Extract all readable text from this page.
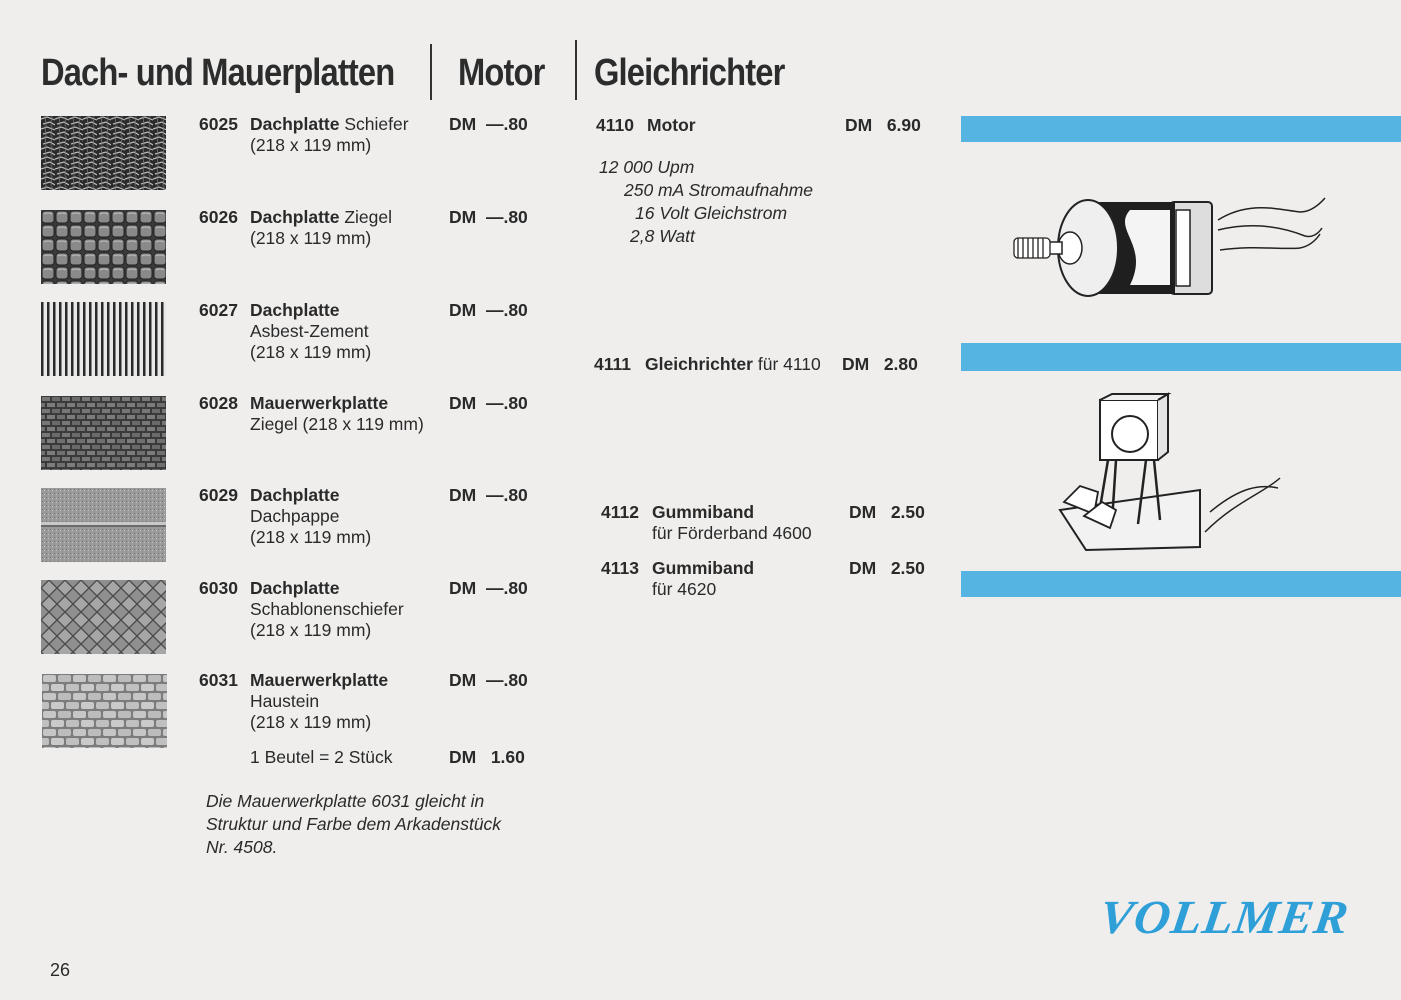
Dach- und Mauerplatten Motor Gleichrichter
6025 Dachplatte Schiefer
(218 x 119 mm)
DM —.80
6026 Dachplatte Ziegel
(218 x 119 mm)
DM —.80
6027 Dachplatte
Asbest-Zement
(218 x 119 mm)
DM —.80
6028 Mauerwerkplatte
Ziegel (218 x 119 mm)
DM —.80
6029 Dachplatte
Dachpappe
(218 x 119 mm)
DM —.80
6030 Dachplatte
Schablonenschiefer
(218 x 119 mm)
DM —.80
6031 Mauerwerkplatte
Haustein
(218 x 119 mm)
DM —.80
1 Beutel = 2 Stück	DM 1.60
Die Mauerwerkplatte 6031 gleicht in
Struktur und Farbe dem Arkadenstück
Nr. 4508.
4110 Motor	DM 6.90
12 000 Upm
250 mA Stromaufnahme
16 Volt Gleichstrom
2,8 Watt
4111 Gleichrichter für 4110 DM 2.80
4112 Gummiband
für Förderband 4600
DM 2.50
4113 Gummiband
für 4620
DM 2.50
VOLLMER
26
